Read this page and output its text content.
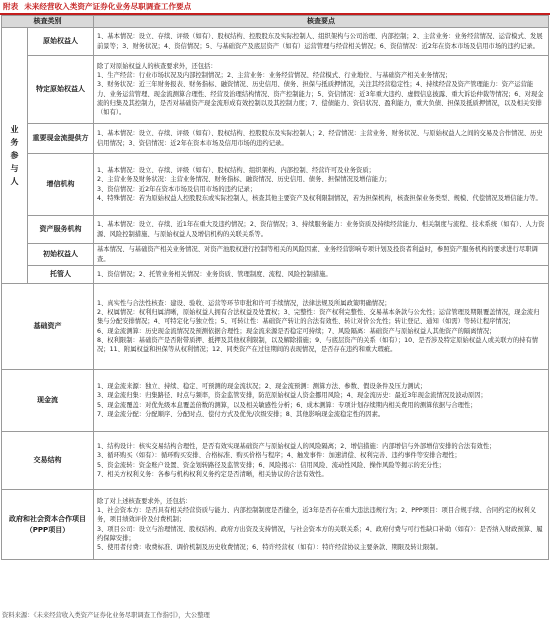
附表 未来经营收入类资产证券化业务尽职调查工作要点
核查类别		核查要点

业务参与人	原始权益人	1、基本情况：设立、存续、评级（如有）、股权结构、控股股东及实际控制人、组织架构与公司治理、内部控制；2、主营业务：业务经营情况、运营模式、发展前景等；3、财务状况；4、资信情况；5、与基础资产及底层资产（如有）运营管理与经营相关情况；6、资信情况：近2年在资本市场及信用市场的违约记录。

	特定原始权益人	除了对原始权益人的核查要求外，还包括：
1、生产经营：行业市场状况及内部控制情况；2、主营业务：业务经营情况、经营模式、行业地位、与基础资产相关业务情况；
3、财务状况：近三年财务报表、财务指标、融资情况、历史信用、债务、担保与抵质押情况，关注其经营稳定性；4、持续经营及资产管理能力：资产运营能力、业务运营管理、现金流测算合理性、经营及治理结构情况、资产控制能力；5、资信情况：近3年重大违约、虚假信息披露、重大诉讼仲裁等情况；6、对现金流的归集及其控制力，是否对基础资产现金流形成有效控制以及其控制力度；7、偿债能力、资信状况、盈利能力，重大负债、担保及抵质押情况，以及相关安排（如有）。

	重要现金流提供方	1、基本情况：设立、存续、评级（如有）、股权结构、控股股东及实际控制人；2、经营情况：主营业务、财务状况、与原始权益人之间的交易及合作情况、历史信用情况；3、资信情况：近2年在资本市场及信用市场的违约记录。

	增信机构	1、基本情况：设立、存续、评级（如有）、股权结构、组织架构、内部控制、经营许可及业务资质；
2、主营业务及财务状况：主营业务情况、财务指标、融资情况、历史信用、债务、担保情况及增信能力；
3、资信情况：近2年在资本市场及信用市场的违约记录；
4、特殊情况：若为原始权益人控股股东或实际控制人，核查其他主要资产及权利限制情况，若为担保机构，核查担保业务类型、规模、代偿情况及增信能力等。

	资产服务机构	1、基本情况：设立、存续、近1年在重大及违约情况；2、资信情况；3、持续服务能力：业务资质及持续经营能力、相关制度与流程、技术系统（如有）、人力资源、风险控制措施、与原始权益人及增信机构的关联关系等。

	初始权益人	基本情况、与基础资产相关业务情况、对资产池股权进行控制等相关的风险因素、业务经营影响专项计划及投资者利益时，参照资产服务机构的要求进行尽职调查。

	托管人	1、资信情况；2、托管业务相关情况：业务资质、管理制度、流程、风险控制措施。

基础资产		1、真实性与合法性核查：建设、验收、运营等环节审批和许可手续情况，法律法规及所属政策明确情况；
2、权属情况：权利归属清晰，原始权益人拥有合法权益及处置权；3、完整性：资产权利完整性、交易基本条款与公允性；运营管理及期限覆盖情况，现金流归集与分配安排情况；4、可特定化与独立性；5、可转让性：基础资产转让的合法有效性、转让对价公允性；转让登记、通知（如需）等转让程序情况；
6、现金流测算：历史现金流情况及预测依据合理性；现金流来源是否稳定可持续；7、风险隔离：基础资产与原始权益人其他资产的隔离情况；
8、权利限制：基础资产是否附带质押、抵押及其他权利限制，以及解除措施；9、与底层资产的关系（如有）；10、是否涉及特定原始权益人或关联方的持有情况；11、附属权益和担保等从权利情况；12、同类资产在过往期间的表现情况，是否存在违约和重大瑕疵。

现金流		1、现金流来源：独立、持续、稳定、可预测的现金流状况；2、现金流预测：测算方法、参数、假设条件及压力测试；
3、现金流归集：归集路径、时点与频率，资金监管安排，防范原始权益人资金挪用风险；4、现金流历史：最近3年现金流情况及波动原因；
5、现金流覆盖：对优先级本息覆盖倍数的测算，以及相关敏感性分析；6、成本测算：专项计划存续期内相关费用的测算依据与合理性；
7、现金流分配：分配顺序、分配时点、偿付方式及优先/次级安排；8、其他影响现金流稳定性的因素。

交易结构		1、结构设计：核实交易结构合理性，是否有效实现基础资产与原始权益人的风险隔离；2、增信措施：内部增信与外部增信安排的合法有效性；
3、循环购买（如有）：循环购买安排、合格标准、购买价格与程序；4、触发事件：加速清偿、权利完善、违约事件等安排合理性；
5、资金流转：资金账户设置、资金划转路径及监管安排；6、风险揭示：信用风险、流动性风险、操作风险等揭示的充分性；
7、相关方权利义务：各参与机构权利义务约定是否清晰，相关协议的合法有效性。

政府和社会资本合作项目（PPP项目）		除了对上述核查要求外，还包括：
1、社会资本方：是否具有相关经营资质与能力、内部控制制度是否健全，近3年是否存在重大违法违规行为；2、PPP项目：项目合规手续、合同约定的权利义务，项目绩效评价及付费机制；
3、项目公司：设立与治理情况、股权结构、政府方出资及支持情况，与社会资本方的关联关系；4、政府付费与可行性缺口补助（如有）：是否纳入财政预算、履约保障安排；
5、使用者付费：收费标准、调价机制及历史收费情况；6、特许经营权（如有）：特许经营协议主要条款、期限及转让限制。
资料来源：《未来经营收入类资产证券化业务尽职调查工作指引》，大公整理
